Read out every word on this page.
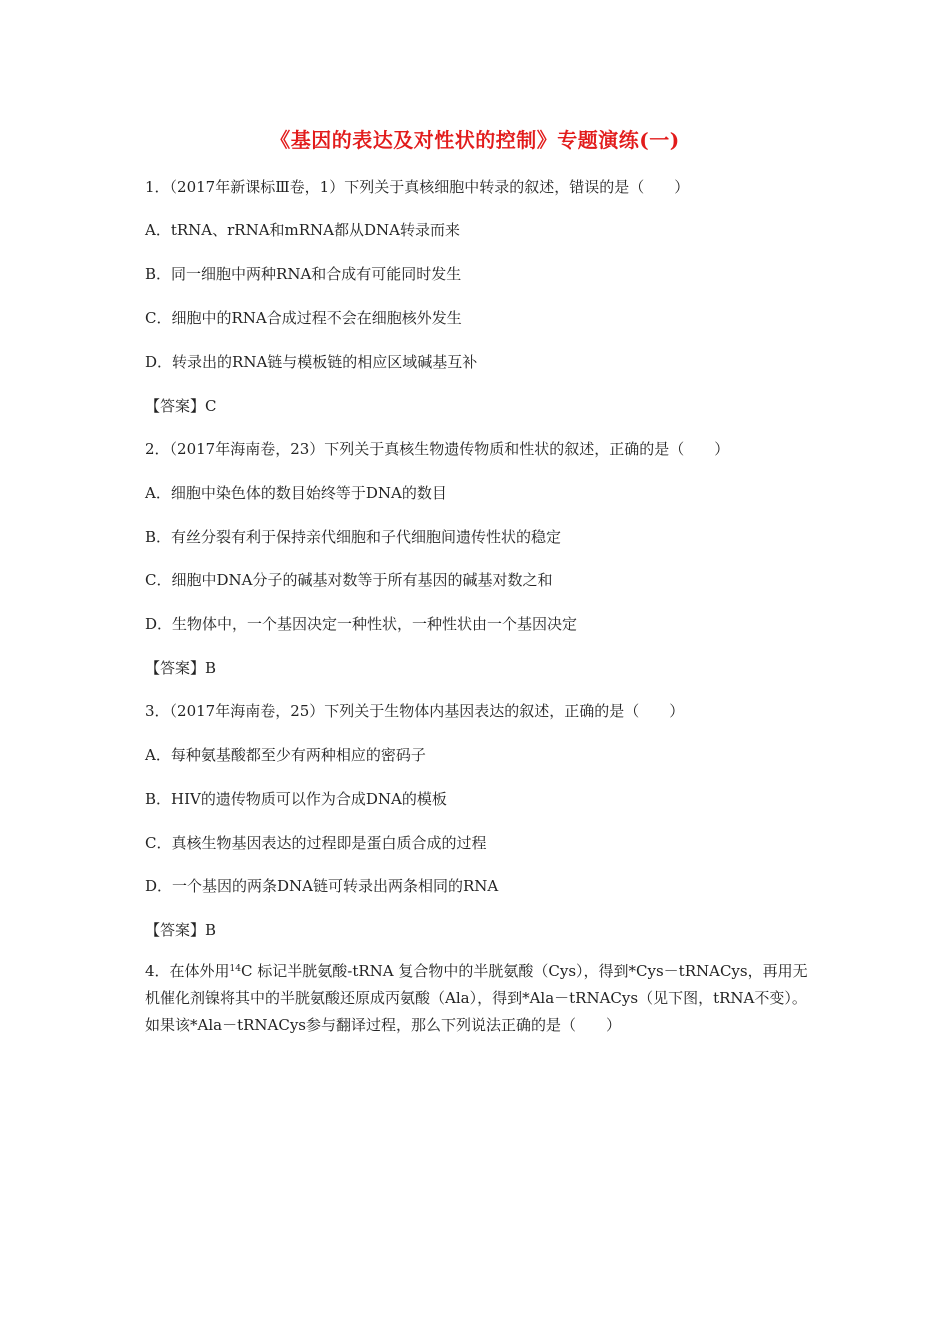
《基因的表达及对性状的控制》专题演练(一)
1．（2017年新课标Ⅲ卷，1）下列关于真核细胞中转录的叙述，错误的是（　　）
A．tRNA、rRNA和mRNA都从DNA转录而来
B．同一细胞中两种RNA和合成有可能同时发生
C．细胞中的RNA合成过程不会在细胞核外发生
D．转录出的RNA链与模板链的相应区域碱基互补
【答案】C
2．（2017年海南卷，23）下列关于真核生物遗传物质和性状的叙述，正确的是（　　）
A．细胞中染色体的数目始终等于DNA的数目
B．有丝分裂有利于保持亲代细胞和子代细胞间遗传性状的稳定
C．细胞中DNA分子的碱基对数等于所有基因的碱基对数之和
D．生物体中，一个基因决定一种性状，一种性状由一个基因决定
【答案】B
3．（2017年海南卷，25）下列关于生物体内基因表达的叙述，正确的是（　　）
A．每种氨基酸都至少有两种相应的密码子
B．HIV的遗传物质可以作为合成DNA的模板
C．真核生物基因表达的过程即是蛋白质合成的过程
D．一个基因的两条DNA链可转录出两条相同的RNA
【答案】B
4．在体外用$^{14}$C 标记半胱氨酸-tRNA 复合物中的半胱氨酸（Cys），得到*Cys－tRNACys，再用无机催化剂镍将其中的半胱氨酸还原成丙氨酸（Ala），得到*Ala－tRNACys（见下图，tRNA不变）。如果该*Ala－tRNACys参与翻译过程，那么下列说法正确的是（　　）
